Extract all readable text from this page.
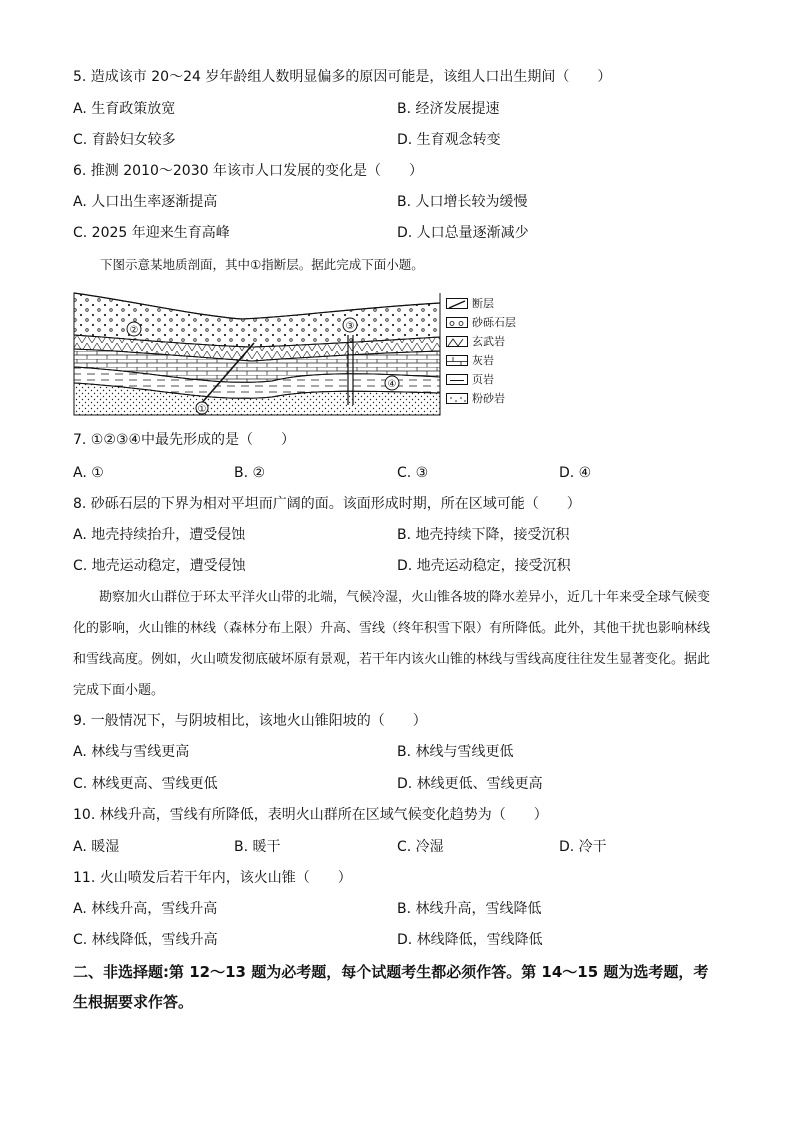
5. 造成该市 20～24 岁年龄组人数明显偏多的原因可能是，该组人口出生期间（　　）
A. 生育政策放宽	B. 经济发展提速
C. 育龄妇女较多	D. 生育观念转变
6. 推测 2010～2030 年该市人口发展的变化是（　　）
A. 人口出生率逐渐提高	B. 人口增长较为缓慢
C. 2025 年迎来生育高峰	D. 人口总量逐渐减少
下图示意某地质剖面，其中①指断层。据此完成下面小题。
①
②	③
④
断层
砂砾石层
玄武岩
灰岩
页岩
粉砂岩
7. ①②③④中最先形成的是（　　）
A. ①	B. ②	C. ③	D. ④
8. 砂砾石层的下界为相对平坦而广阔的面。该面形成时期，所在区域可能（　　）
A. 地壳持续抬升，遭受侵蚀	B. 地壳持续下降，接受沉积
C. 地壳运动稳定，遭受侵蚀	D. 地壳运动稳定，接受沉积
勘察加火山群位于环太平洋火山带的北端，气候冷湿，火山锥各坡的降水差异小，近几十年来受全球气候变化的影响，火山锥的林线（森林分布上限）升高、雪线（终年积雪下限）有所降低。此外，其他干扰也影响林线和雪线高度。例如，火山喷发彻底破坏原有景观，若干年内该火山锥的林线与雪线高度往往发生显著变化。据此完成下面小题。
9. 一般情况下，与阴坡相比，该地火山锥阳坡的（　　）
A. 林线与雪线更高	B. 林线与雪线更低
C. 林线更高、雪线更低	D. 林线更低、雪线更高
10. 林线升高，雪线有所降低，表明火山群所在区域气候变化趋势为（　　）
A. 暖湿	B. 暖干	C. 冷湿	D. 冷干
11. 火山喷发后若干年内，该火山锥（　　）
A. 林线升高，雪线升高	B. 林线升高，雪线降低
C. 林线降低，雪线升高	D. 林线降低，雪线降低
二、非选择题:第 12～13 题为必考题，每个试题考生都必须作答。第 14～15 题为选考题，考生根据要求作答。
